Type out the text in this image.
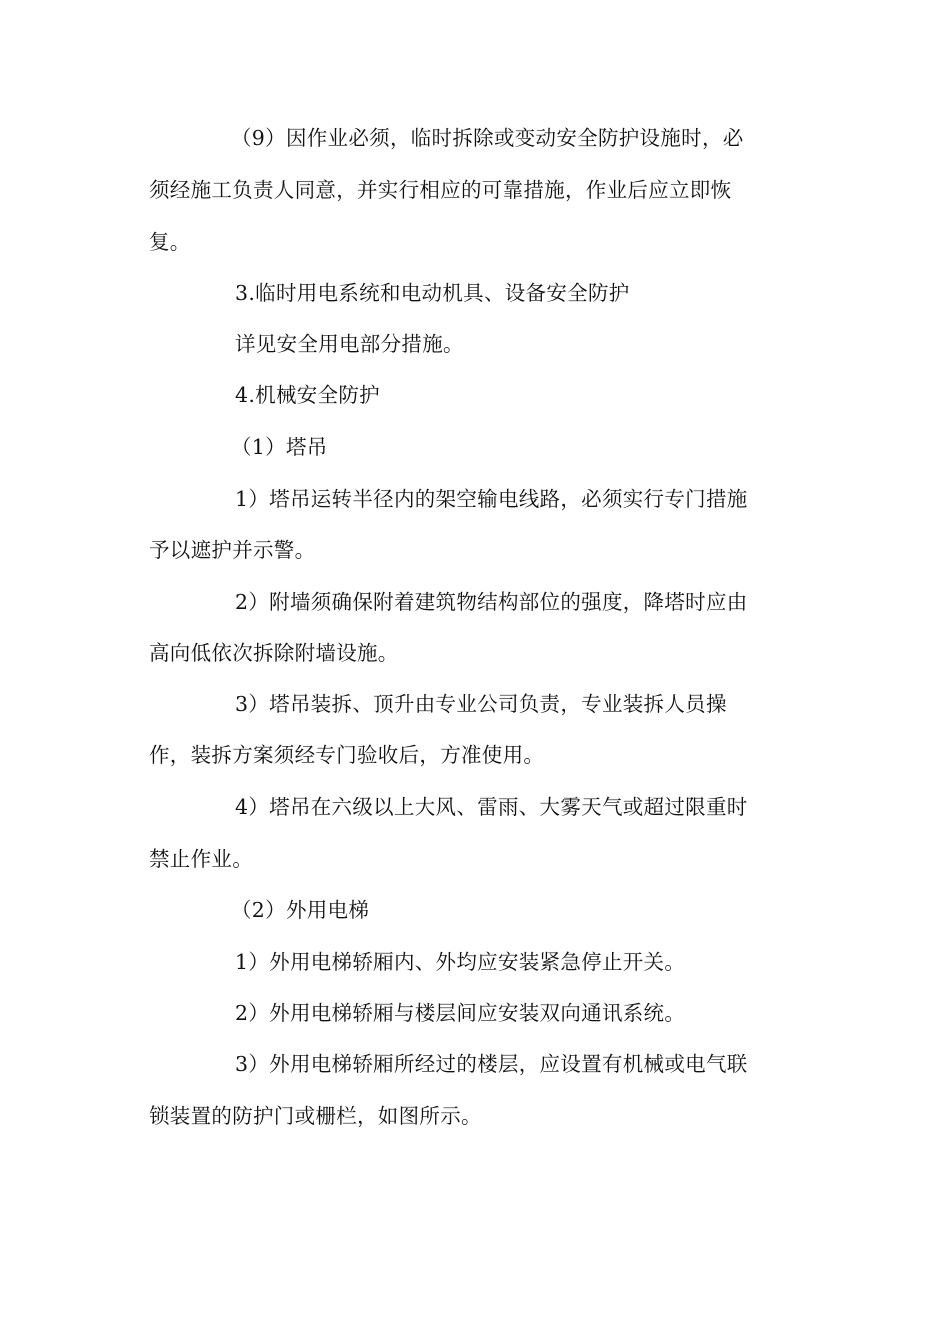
（9）因作业必须，临时拆除或变动安全防护设施时，必
须经施工负责人同意，并实行相应的可靠措施，作业后应立即恢
复。
3.临时用电系统和电动机具、设备安全防护
详见安全用电部分措施。
4.机械安全防护
（1）塔吊
1）塔吊运转半径内的架空输电线路，必须实行专门措施
予以遮护并示警。
2）附墙须确保附着建筑物结构部位的强度，降塔时应由
高向低依次拆除附墙设施。
3）塔吊装拆、顶升由专业公司负责，专业装拆人员操
作，装拆方案须经专门验收后，方准使用。
4）塔吊在六级以上大风、雷雨、大雾天气或超过限重时
禁止作业。
（2）外用电梯
1）外用电梯轿厢内、外均应安装紧急停止开关。
2）外用电梯轿厢与楼层间应安装双向通讯系统。
3）外用电梯轿厢所经过的楼层，应设置有机械或电气联
锁装置的防护门或栅栏，如图所示。
